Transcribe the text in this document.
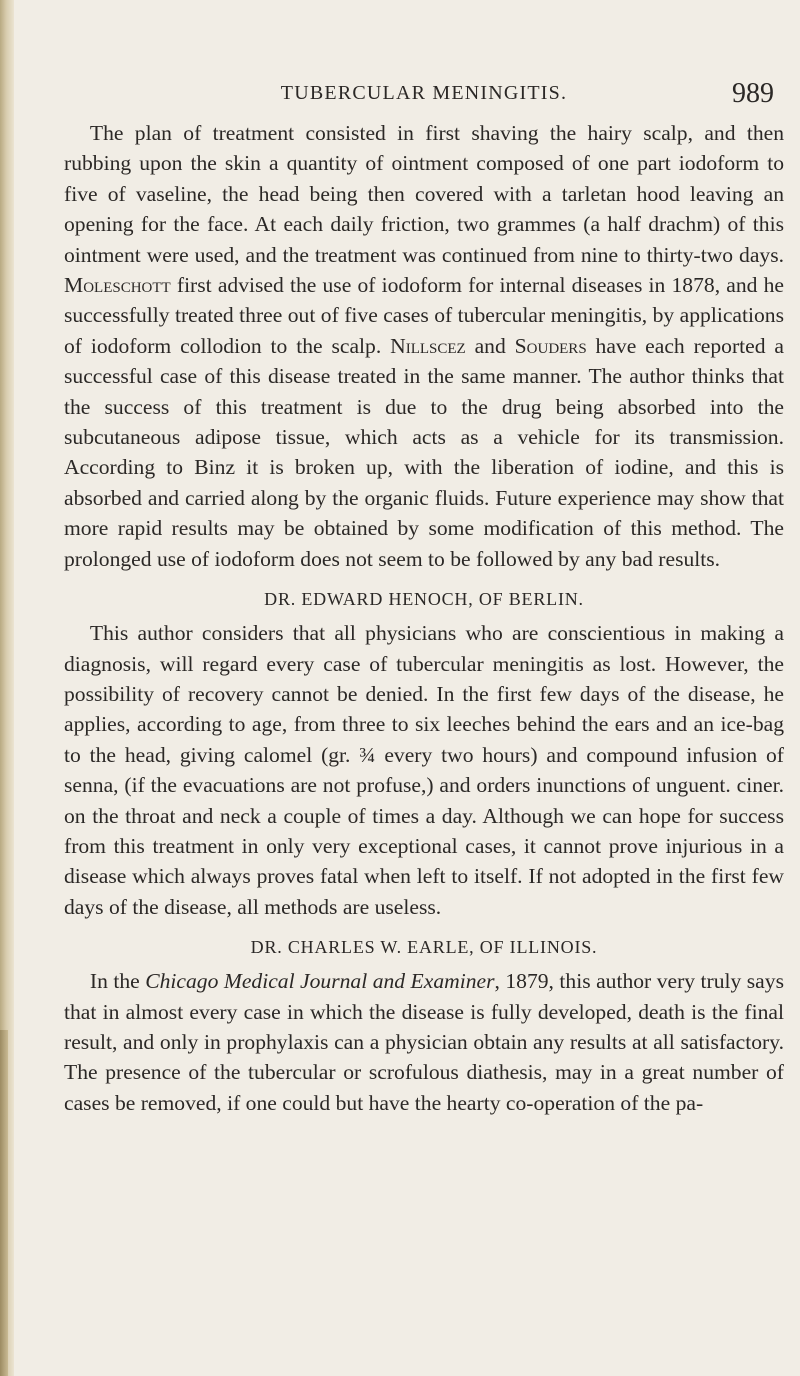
TUBERCULAR MENINGITIS.	989

The plan of treatment consisted in first shaving the hairy scalp, and then rubbing upon the skin a quantity of ointment composed of one part iodoform to five of vaseline, the head being then covered with a tarletan hood leaving an opening for the face. At each daily friction, two grammes (a half drachm) of this ointment were used, and the treatment was continued from nine to thirty-two days. Moleschott first advised the use of iodoform for internal diseases in 1878, and he successfully treated three out of five cases of tubercular meningitis, by applications of iodoform collodion to the scalp. Nillscez and Souders have each reported a successful case of this disease treated in the same manner. The author thinks that the success of this treatment is due to the drug being absorbed into the subcutaneous adipose tissue, which acts as a vehicle for its transmission. According to Binz it is broken up, with the liberation of iodine, and this is absorbed and carried along by the organic fluids. Future experience may show that more rapid results may be obtained by some modification of this method. The prolonged use of iodoform does not seem to be followed by any bad results.

DR. EDWARD HENOCH, OF BERLIN.

This author considers that all physicians who are conscientious in making a diagnosis, will regard every case of tubercular meningitis as lost. However, the possibility of recovery cannot be denied. In the first few days of the disease, he applies, according to age, from three to six leeches behind the ears and an ice-bag to the head, giving calomel (gr. ¾ every two hours) and compound infusion of senna, (if the evacuations are not profuse,) and orders inunctions of unguent. ciner. on the throat and neck a couple of times a day. Although we can hope for success from this treatment in only very exceptional cases, it cannot prove injurious in a disease which always proves fatal when left to itself. If not adopted in the first few days of the disease, all methods are useless.

DR. CHARLES W. EARLE, OF ILLINOIS.

In the Chicago Medical Journal and Examiner, 1879, this author very truly says that in almost every case in which the disease is fully developed, death is the final result, and only in prophylaxis can a physician obtain any results at all satisfactory. The presence of the tubercular or scrofulous diathesis, may in a great number of cases be removed, if one could but have the hearty co-operation of the pa-
